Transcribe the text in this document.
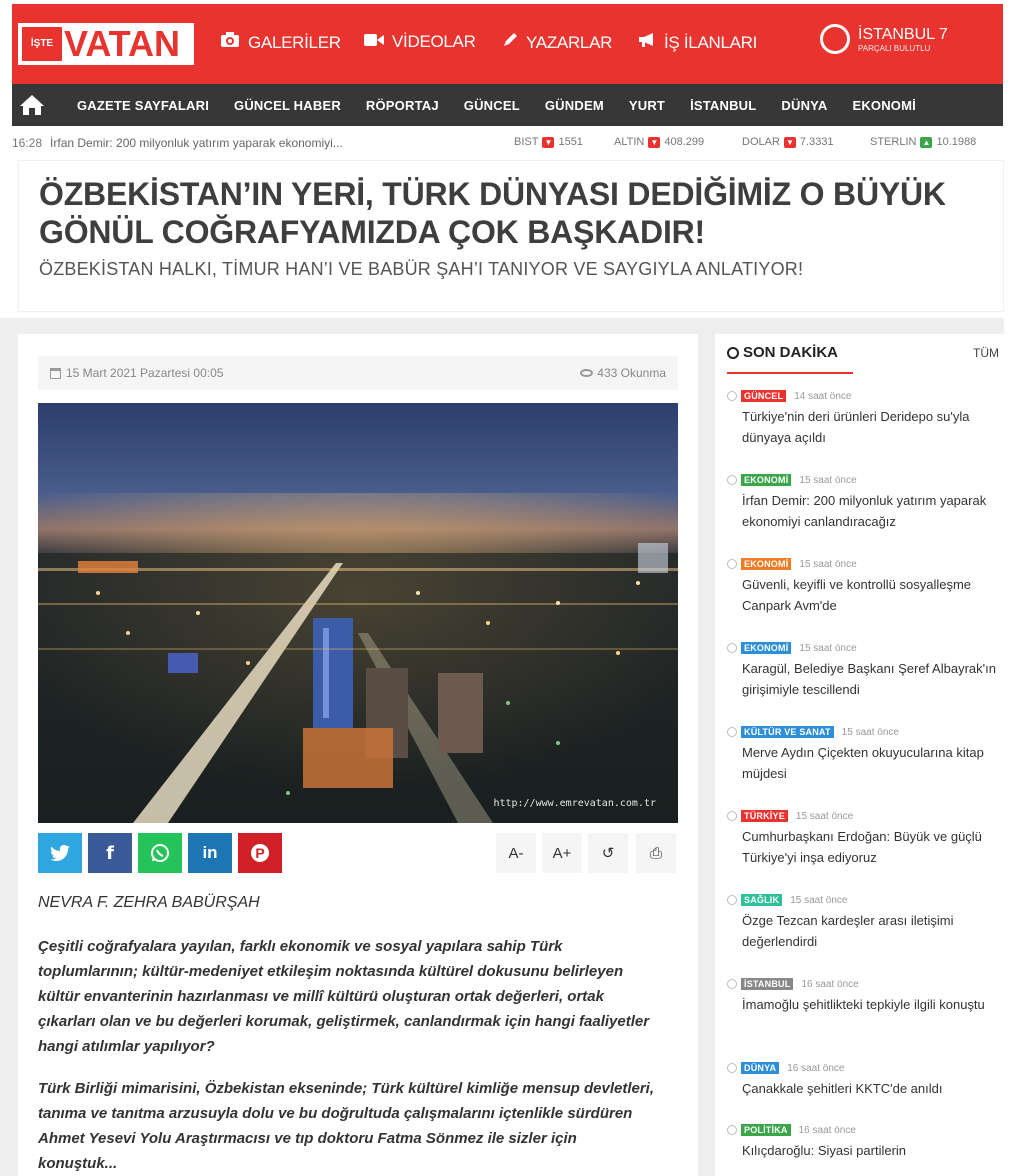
İŞTE VATAN	GALERİLER	VİDEOLAR	YAZARLAR	İŞ İLANLARI	İSTANBUL 7
PARÇALI BULUTLU
GAZETE SAYFALARI GÜNCEL HABER RÖPORTAJ GÜNCEL GÜNDEM YURT İSTANBUL DÜNYA EKONOMİ
16:28 İrfan Demir: 200 milyonluk yatırım yaparak ekonomiyi...	BIST ▼ 1551	ALTIN ▼ 408.299	DOLAR ▼ 7.3331	STERLIN ▲ 10.1988
ÖZBEKİSTAN’IN YERİ, TÜRK DÜNYASI DEDİĞİMİZ O BÜYÜK GÖNÜL COĞRAFYAMIZDA ÇOK BAŞKADIR!
ÖZBEKİSTAN HALKI, TİMUR HAN’I VE BABÜR ŞAH’I TANIYOR VE SAYGIYLA ANLATIYOR!
15 Mart 2021 Pazartesi 00:05	433 Okunma
http://www.emrevatan.com.tr
f	in	P	A-	A+	↺	⎙
NEVRA F. ZEHRA BABÜRŞAH
Çeşitli coğrafyalara yayılan, farklı ekonomik ve sosyal yapılara sahip Türk toplumlarının; kültür-medeniyet etkileşim noktasında kültürel dokusunu belirleyen kültür envanterinin hazırlanması ve millî kültürü oluşturan ortak değerleri, ortak çıkarları olan ve bu değerleri korumak, geliştirmek, canlandırmak için hangi faaliyetler hangi atılımlar yapılıyor?
Türk Birliği mimarisini, Özbekistan ekseninde; Türk kültürel kimliğe mensup devletleri, tanıma ve tanıtma arzusuyla dolu ve bu doğrultuda çalışmalarını içtenlikle sürdüren Ahmet Yesevi Yolu Araştırmacısı ve tıp doktoru Fatma Sönmez ile sizler için konuştuk...
SON DAKİKA	TÜM
GÜNCEL	14 saat önce
Türkiye'nin deri ürünleri Deridepo su'yla dünyaya açıldı
EKONOMİ	15 saat önce
İrfan Demir: 200 milyonluk yatırım yaparak ekonomiyi canlandıracağız
EKONOMİ	15 saat önce
Güvenli, keyifli ve kontrollü sosyalleşme Canpark Avm'de
EKONOMİ	15 saat önce
Karagül, Belediye Başkanı Şeref Albayrak'ın girişimiyle tescillendi
KÜLTÜR VE SANAT	15 saat önce
Merve Aydın Çiçekten okuyucularına kitap müjdesi
TÜRKİYE	15 saat önce
Cumhurbaşkanı Erdoğan: Büyük ve güçlü Türkiye'yi inşa ediyoruz
SAĞLIK	15 saat önce
Özge Tezcan kardeşler arası iletişimi değerlendirdi
İSTANBUL	16 saat önce
İmamoğlu şehitlikteki tepkiyle ilgili konuştu
DÜNYA	16 saat önce
Çanakkale şehitleri KKTC'de anıldı
POLİTİKA	16 saat önce
Kılıçdaroğlu: Siyasi partilerin
